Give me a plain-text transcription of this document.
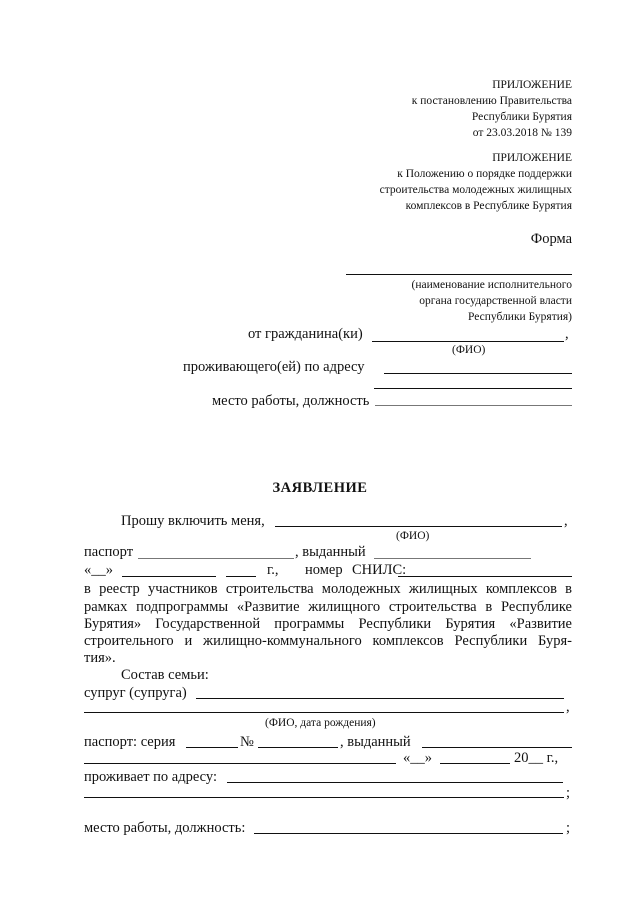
ПРИЛОЖЕНИЕ
к постановлению Правительства
Республики Бурятия
от 23.03.2018 № 139
ПРИЛОЖЕНИЕ
к Положению о порядке поддержки
строительства молодежных жилищных
комплексов в Республике Бурятия
Форма
(наименование исполнительного
органа государственной власти
Республики Бурятия)
от гражданина(ки)	,
(ФИО)
проживающего(ей) по адресу
место работы, должность
ЗАЯВЛЕНИЕ
Прошу включить меня,	,
(ФИО)
паспорт	, выданный
«__»	г., номер СНИЛС:
в реестр участников строительства молодежных жилищных комплексов в
рамках подпрограммы «Развитие жилищного строительства в Республике
Бурятия» Государственной программы Республики Бурятия «Развитие
строительного и жилищно-коммунального комплексов Республики Буря-
тия».
Состав семьи:
супруг (супруга)
,
(ФИО, дата рождения)
паспорт: серия	№	, выданный
«__»	20__ г.,
проживает по адресу:
;
место работы, должность:	;
